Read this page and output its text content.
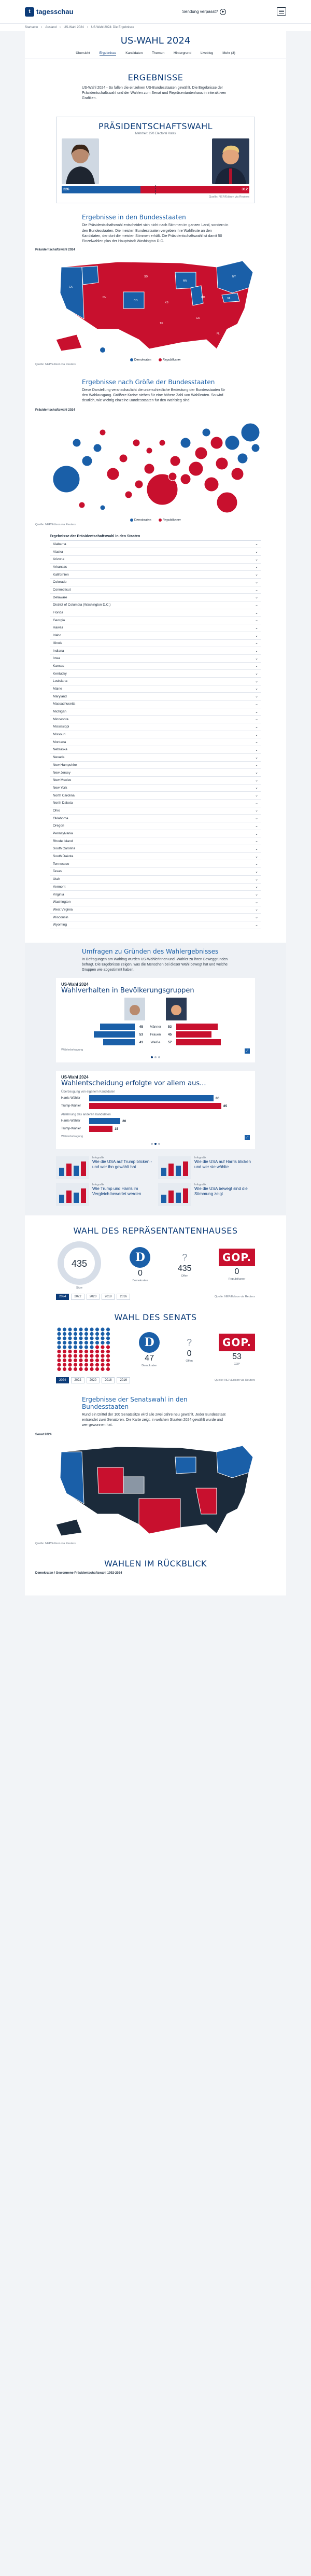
t tagesschau	Sendung verpasst?	▶
Startseite › Ausland › US-Wahl 2024 › US-Wahl 2024: Die Ergebnisse
US-WAHL 2024
Übersicht	Ergebnisse	Kandidaten	Themen	Hintergrund	Liveblog	Mehr (3)
ERGEBNISSE

US-Wahl 2024 - So fallen die einzelnen US-Bundesstaaten gewählt. Die Ergebnisse der Präsidentschaftswahl und der Wahlen zum Senat und Repräsentantenhaus in interaktiven Grafiken.

PRÄSIDENTSCHAFTSWAHL
Mehrheit: 270 Electoral Votes
226	312
Quelle: NEP/Edison via Reuters
Ergebnisse in den Bundesstaaten

Die Präsidentschaftswahl entscheidet sich nicht nach Stimmen im ganzen Land, sondern in den Bundesstaaten. Die meisten Bundesstaaten vergeben ihre Wahlleute an den Kandidaten, der dort die meisten Stimmen erhält. Die Präsidentschaftswahl ist damit 50 Einzelwahlen plus der Hauptstadt Washington D.C.

Präsidentschaftswahl 2024
CA
NV
CO
TX
MN
OH	VA
FL
NY
SD
KS
GA
Demokraten	Republikaner
Quelle: NEP/Edison via Reuters
Ergebnisse nach Größe der Bundesstaaten

Diese Darstellung veranschaulicht die unterschiedliche Bedeutung der Bundesstaaten für den Wahlausgang. Größere Kreise stehen für eine höhere Zahl von Wahlleuten. So wird deutlich, wie wichtig einzelne Bundesstaaten für den Wahlsieg sind.

Präsidentschaftswahl 2024
Demokraten	Republikaner
Quelle: NEP/Edison via Reuters
Ergebnisse der Präsidentschaftswahl in den Staaten
Alabama	⌄
Alaska	⌄
Arizona	⌄
Arkansas	⌄
Kalifornien	⌄
Colorado	⌄
Connecticut	⌄
Delaware	⌄
District of Columbia (Washington D.C.)	⌄
Florida	⌄
Georgia	⌄
Hawaii	⌄
Idaho	⌄
Illinois	⌄
Indiana	⌄
Iowa	⌄
Kansas	⌄
Kentucky	⌄
Louisiana	⌄
Maine	⌄
Maryland	⌄
Massachusetts	⌄
Michigan	⌄
Minnesota	⌄
Mississippi	⌄
Missouri	⌄
Montana	⌄
Nebraska	⌄
Nevada	⌄
New Hampshire	⌄
New Jersey	⌄
New Mexico	⌄
New York	⌄
North Carolina	⌄
North Dakota	⌄
Ohio	⌄
Oklahoma	⌄
Oregon	⌄
Pennsylvania	⌄
Rhode Island	⌄
South Carolina	⌄
South Dakota	⌄
Tennessee	⌄
Texas	⌄
Utah	⌄
Vermont	⌄
Virginia	⌄
Washington	⌄
West Virginia	⌄
Wisconsin	⌄
Wyoming	⌄
Umfragen zu Gründen des Wahlergebnisses

In Befragungen am Wahltag wurden US-Wählerinnen und -Wähler zu ihren Beweggründen befragt. Die Ergebnisse zeigen, was die Menschen bei dieser Wahl bewegt hat und welche Gruppen wie abgestimmt haben.

US-Wahl 2024
Wahlverhalten in Bevölkerungsgruppen
45	Männer	53
53	Frauen	45
41	Weiße	57
Wählerbefragung	⤢
US-Wahl 2024
Wahlentscheidung erfolgte vor allem aus...
Überzeugung von eigenem Kandidaten
Harris-Wähler	80
Trump-Wähler	85
Ablehnung des anderen Kandidaten
Harris-Wähler	20
Trump-Wähler	15
Wählerbefragung	⤢
Infografik
Wie die USA auf Trump blicken - und wer ihn gewählt hat
Infografik
Wie die USA auf Harris blicken und wer sie wählte
Infografik
Wie Trump und Harris im Vergleich bewertet werden
Infografik
Wie die USA bewegt sind die Stimmung zeigt
WAHL DES REPRÄSENTANTENHAUSES
435
Sitze
D
0
Demokraten
?
435
Offen
GOP.
0
Republikaner
2024	2022	2020	2018	2016	Quelle: NEP/Edison via Reuters
WAHL DES SENATS
D
47
Demokraten
?
0
Offen
GOP.
53
GOP
2024	2022	2020	2018	2016	Quelle: NEP/Edison via Reuters
Ergebnisse der Senatswahl in den Bundesstaaten

Rund ein Drittel der 100 Senatssitze wird alle zwei Jahre neu gewählt. Jeder Bundesstaat entsendet zwei Senatoren. Die Karte zeigt, in welchen Staaten 2024 gewählt wurde und wer gewonnen hat.

Senat 2024
Quelle: NEP/Edison via Reuters
WAHLEN IM RÜCKBLICK
Demokraten / Gewonnene Präsidentschaftswahl 1992-2024
